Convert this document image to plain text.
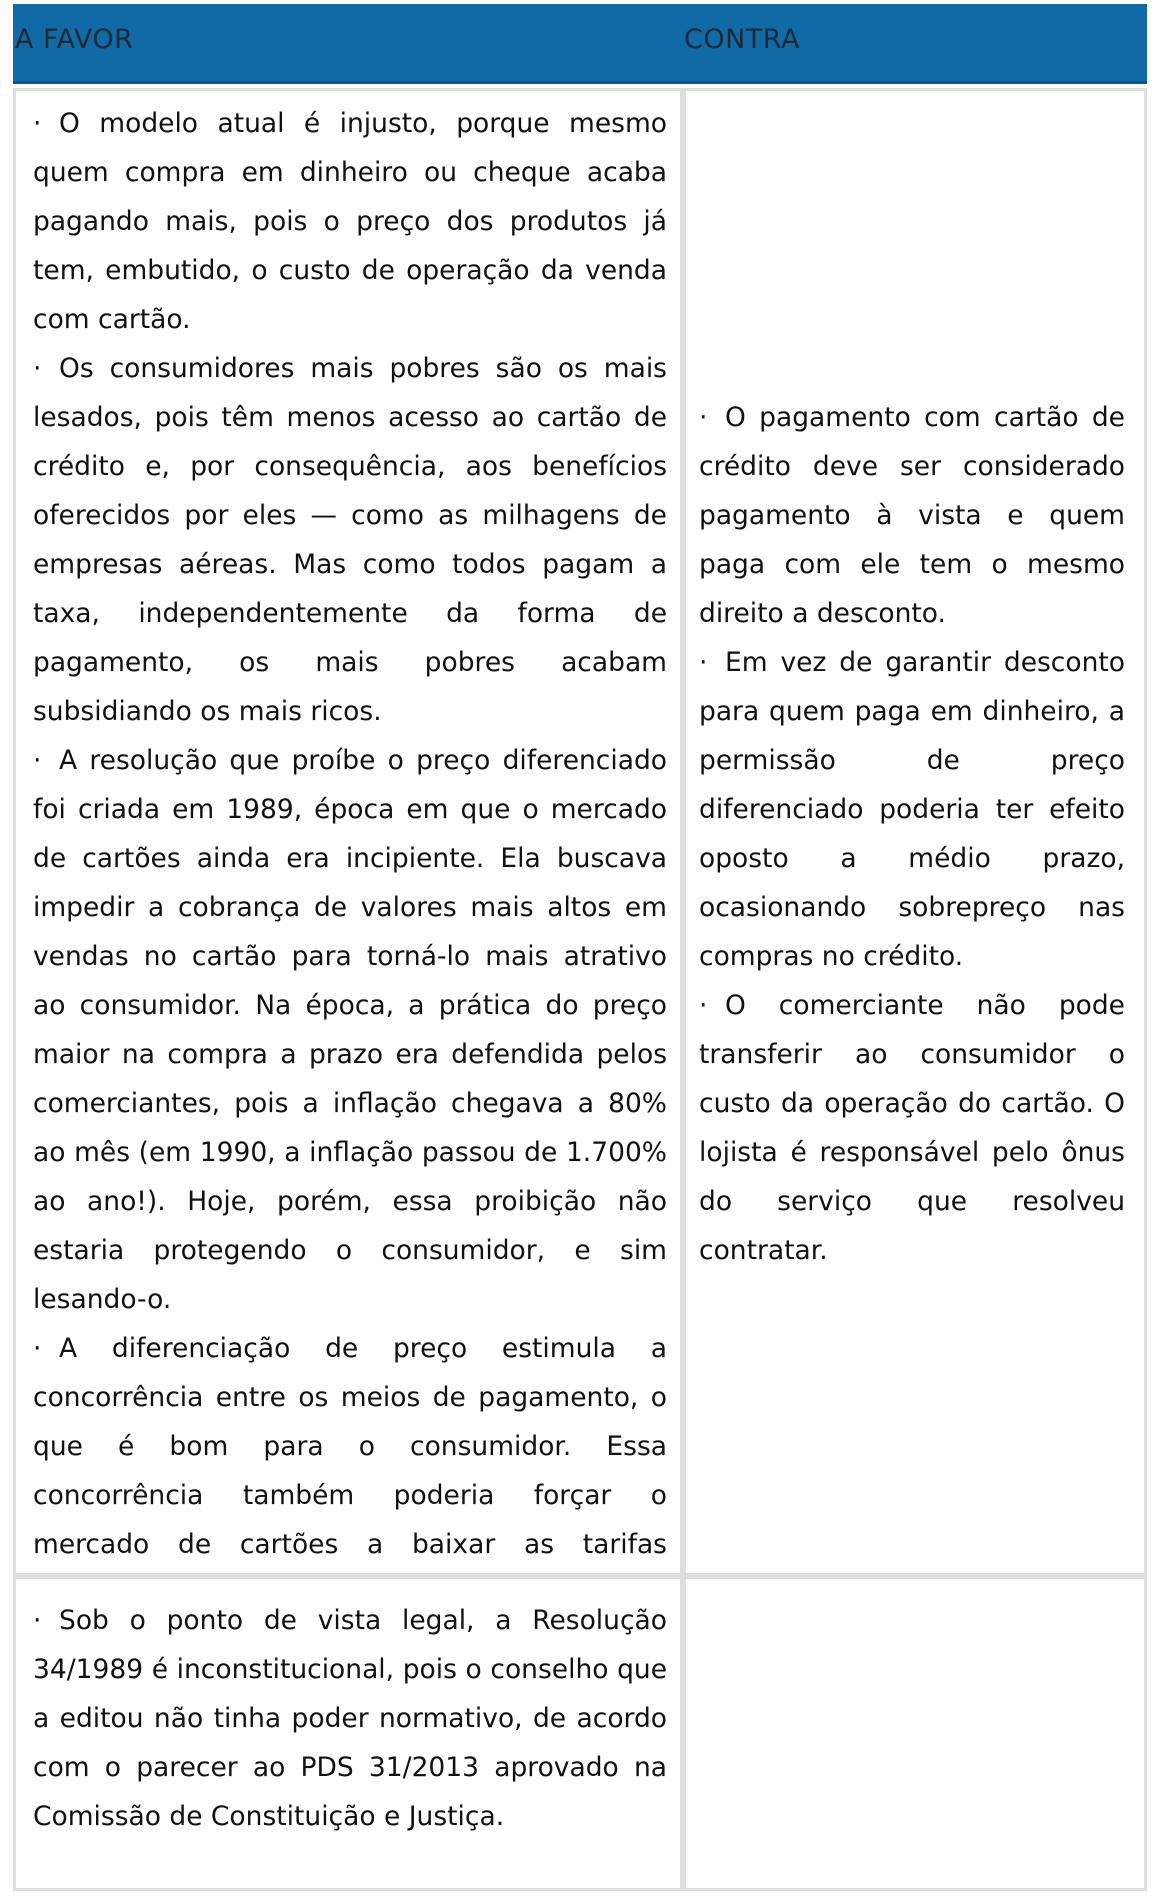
A FAVOR	CONTRA

· O modelo atual é injusto, porque mesmo quem compra em dinheiro ou cheque acaba pagando mais, pois o preço dos produtos já tem, embutido, o custo de operação da venda com cartão.

· Os consumidores mais pobres são os mais lesados, pois têm menos acesso ao cartão de crédito e, por consequência, aos benefícios oferecidos por eles — como as milhagens de empresas aéreas. Mas como todos pagam a taxa, independentemente da forma de pagamento, os mais pobres acabam subsidiando os mais ricos.

· A resolução que proíbe o preço diferenciado foi criada em 1989, época em que o mercado de cartões ainda era incipiente. Ela buscava impedir a cobrança de valores mais altos em vendas no cartão para torná-lo mais atrativo ao consumidor. Na época, a prática do preço maior na compra a prazo era defendida pelos comerciantes, pois a inflação chegava a 80% ao mês (em 1990, a inflação passou de 1.700% ao ano!). Hoje, porém, essa proibição não estaria protegendo o consumidor, e sim lesando-o.

· A diferenciação de preço estimula a concorrência entre os meios de pagamento, o que é bom para o consumidor. Essa concorrência também poderia forçar o mercado de cartões a baixar as tarifas

· O pagamento com cartão de crédito deve ser considerado pagamento à vista e quem paga com ele tem o mesmo direito a desconto.

· Em vez de garantir desconto para quem paga em dinheiro, a permissão de preço diferenciado poderia ter efeito oposto a médio prazo, ocasionando sobrepreço nas compras no crédito.

· O comerciante não pode transferir ao consumidor o custo da operação do cartão. O lojista é responsável pelo ônus do serviço que resolveu contratar.

· Sob o ponto de vista legal, a Resolução 34/1989 é inconstitucional, pois o conselho que a editou não tinha poder normativo, de acordo com o parecer ao PDS 31/2013 aprovado na Comissão de Constituição e Justiça.
